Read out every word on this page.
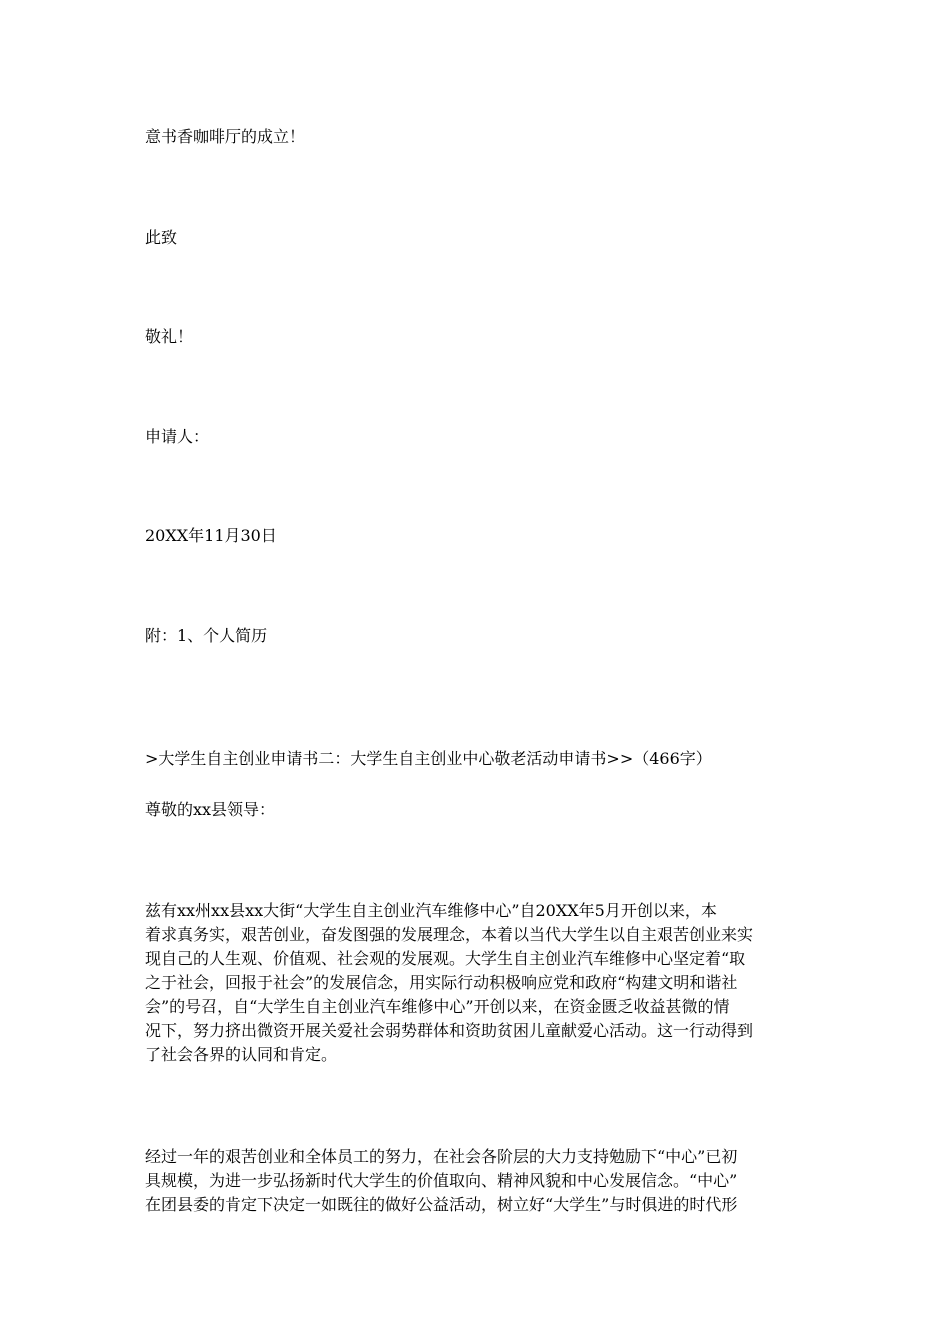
意书香咖啡厅的成立！
此致
敬礼！
申请人：
20XX年11月30日
附：1、个人简历
>大学生自主创业申请书二：大学生自主创业中心敬老活动申请书>>（466字）
尊敬的xx县领导：
兹有xx州xx县xx大街“大学生自主创业汽车维修中心”自20XX年5月开创以来，本
着求真务实，艰苦创业，奋发图强的发展理念，本着以当代大学生以自主艰苦创业来实
现自己的人生观、价值观、社会观的发展观。大学生自主创业汽车维修中心坚定着“取
之于社会，回报于社会”的发展信念，用实际行动积极响应党和政府“构建文明和谐社
会”的号召，自“大学生自主创业汽车维修中心”开创以来，在资金匮乏收益甚微的情
况下，努力挤出微资开展关爱社会弱势群体和资助贫困儿童献爱心活动。这一行动得到
了社会各界的认同和肯定。
经过一年的艰苦创业和全体员工的努力，在社会各阶层的大力支持勉励下“中心”已初
具规模，为进一步弘扬新时代大学生的价值取向、精神风貌和中心发展信念。“中心”
在团县委的肯定下决定一如既往的做好公益活动，树立好“大学生”与时俱进的时代形
